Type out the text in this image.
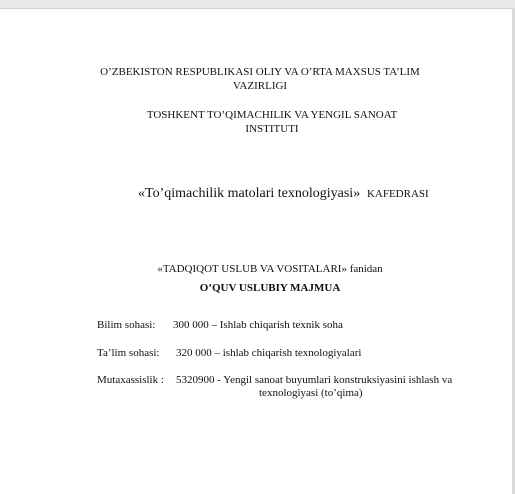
O’ZBEKISTON RESPUBLIKASI OLIY VA O’RTA MAXSUS TA’LIM
VAZIRLIGI
TOSHKENT TO’QIMACHILIK VA YENGIL SANOAT
INSTITUTI
«To’qimachilik matolari texnologiyasi» KAFEDRASI
«TADQIQOT USLUB VA VOSITALARI» fanidan
O’QUV USLUBIY MAJMUA
Bilim sohasi: 300 000 – Ishlab chiqarish texnik soha
Ta’lim sohasi: 320 000 – ishlab chiqarish texnologiyalari
Mutaxassislik : 5320900 - Yengil sanoat buyumlari konstruksiyasini ishlash va
texnologiyasi (to’qima)
